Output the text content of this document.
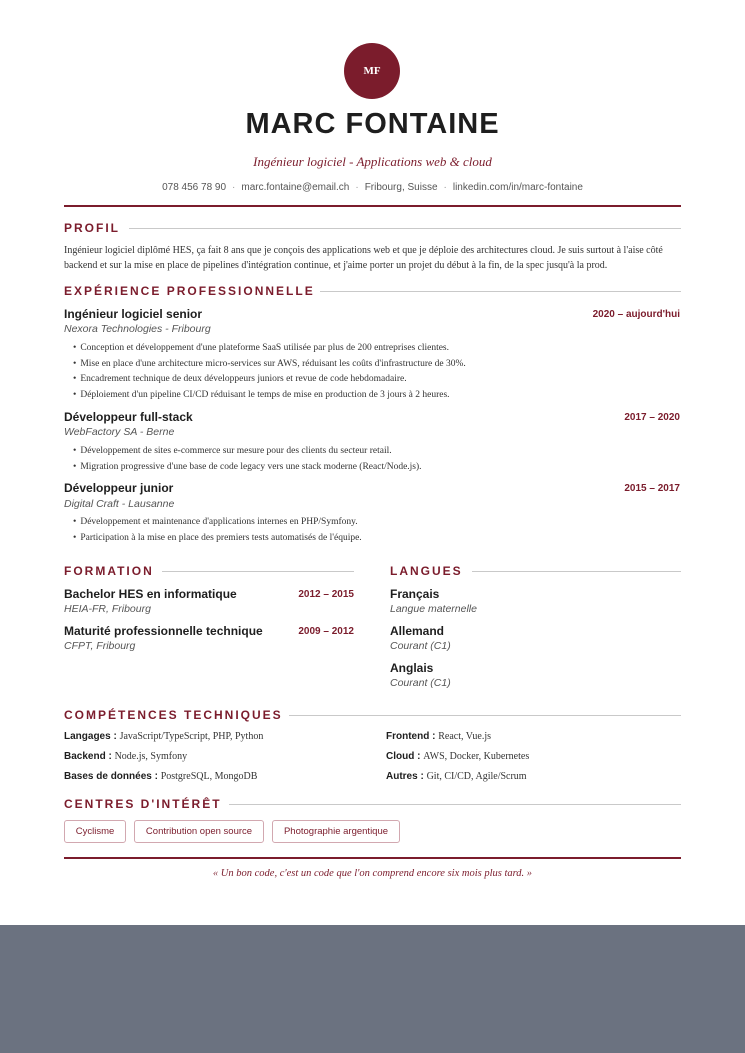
MF
MARC FONTAINE
Ingénieur logiciel - Applications web & cloud
078 456 78 90 · marc.fontaine@email.ch · Fribourg, Suisse · linkedin.com/in/marc-fontaine
PROFIL
Ingénieur logiciel diplômé HES, ça fait 8 ans que je conçois des applications web et que je déploie des architectures cloud. Je suis surtout à l'aise côté backend et sur la mise en place de pipelines d'intégration continue, et j'aime porter un projet du début à la fin, de la spec jusqu'à la prod.
EXPÉRIENCE PROFESSIONNELLE
Ingénieur logiciel senior	2020 – aujourd'hui
Nexora Technologies - Fribourg
• Conception et développement d'une plateforme SaaS utilisée par plus de 200 entreprises clientes.
• Mise en place d'une architecture micro-services sur AWS, réduisant les coûts d'infrastructure de 30%.
• Encadrement technique de deux développeurs juniors et revue de code hebdomadaire.
• Déploiement d'un pipeline CI/CD réduisant le temps de mise en production de 3 jours à 2 heures.
Développeur full-stack	2017 – 2020
WebFactory SA - Berne
• Développement de sites e-commerce sur mesure pour des clients du secteur retail.
• Migration progressive d'une base de code legacy vers une stack moderne (React/Node.js).
Développeur junior	2015 – 2017
Digital Craft - Lausanne
• Développement et maintenance d'applications internes en PHP/Symfony.
• Participation à la mise en place des premiers tests automatisés de l'équipe.
FORMATION
Bachelor HES en informatique	2012 – 2015
HEIA-FR, Fribourg
Maturité professionnelle technique	2009 – 2012
CFPT, Fribourg
LANGUES
Français
Langue maternelle
Allemand
Courant (C1)
Anglais
Courant (C1)
COMPÉTENCES TECHNIQUES
Langages : JavaScript/TypeScript, PHP, Python	Frontend : React, Vue.js
Backend : Node.js, Symfony	Cloud : AWS, Docker, Kubernetes
Bases de données : PostgreSQL, MongoDB	Autres : Git, CI/CD, Agile/Scrum
CENTRES D'INTÉRÊT
Cyclisme	Contribution open source	Photographie argentique
« Un bon code, c'est un code que l'on comprend encore six mois plus tard. »
